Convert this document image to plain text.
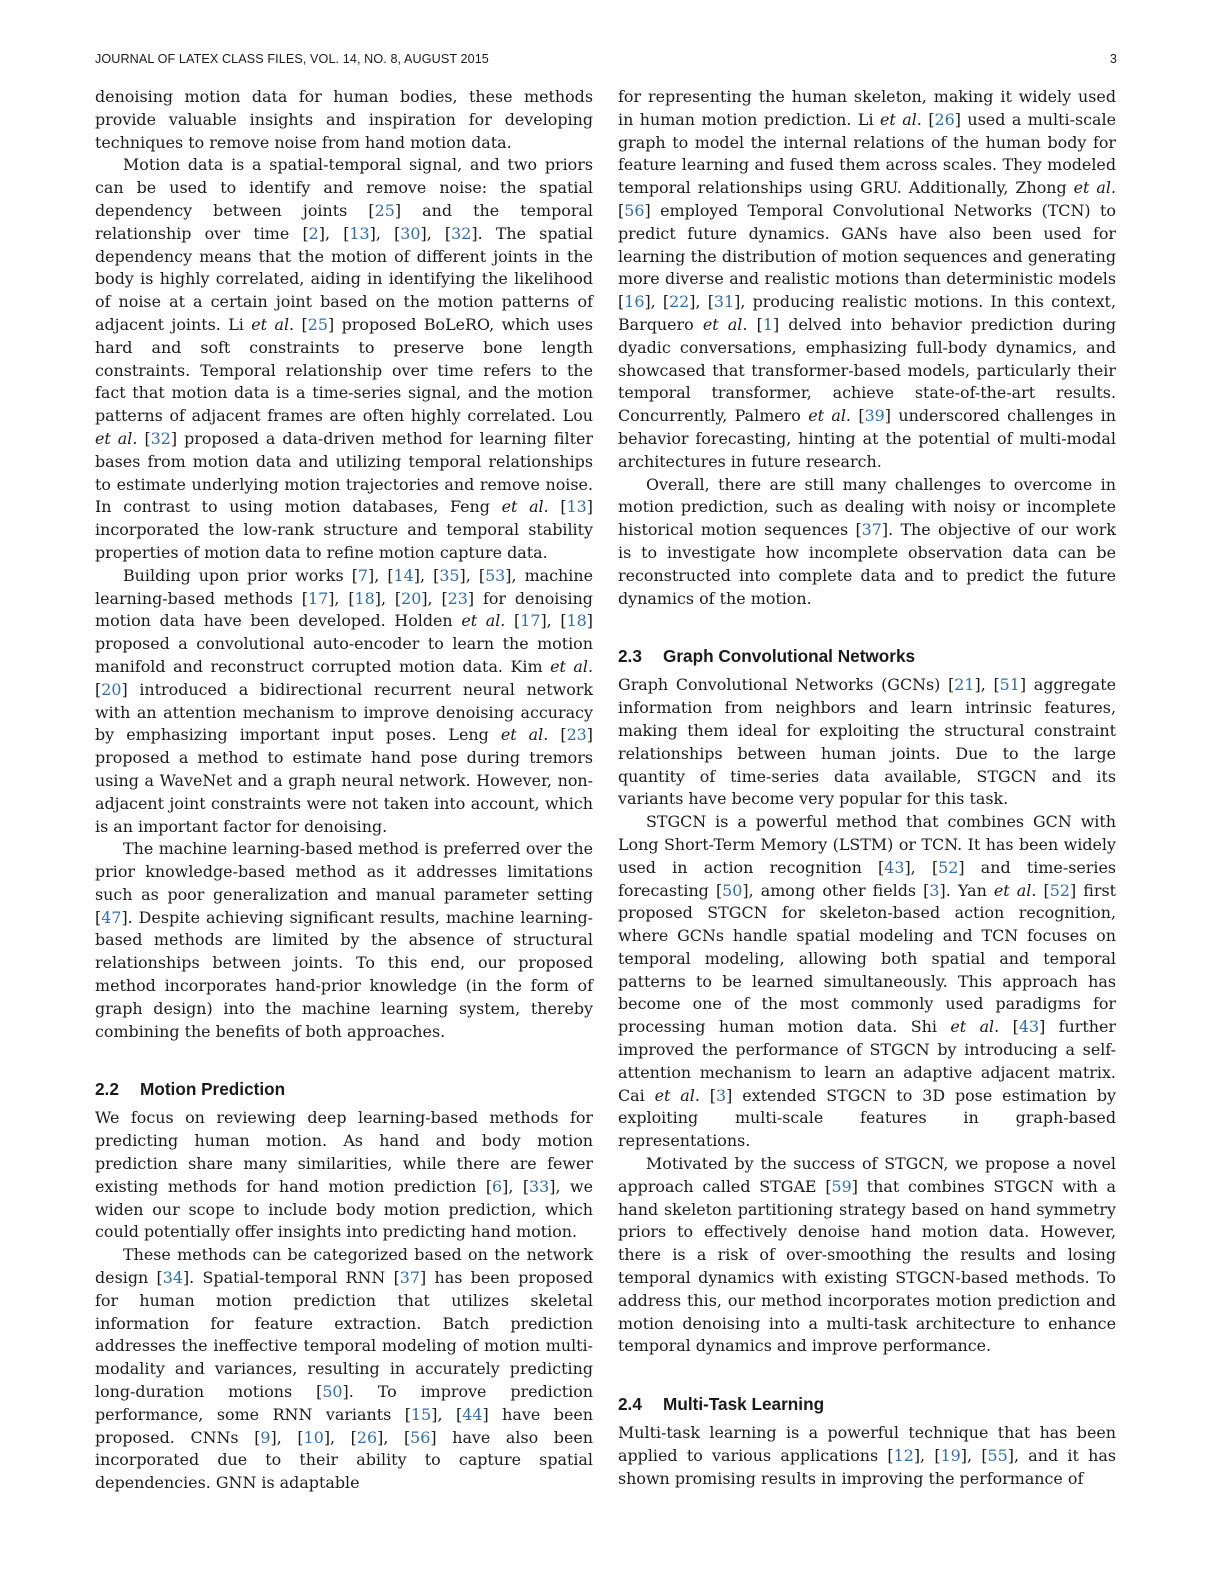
JOURNAL OF LATEX CLASS FILES, VOL. 14, NO. 8, AUGUST 2015	3

denoising motion data for human bodies, these methods provide valuable insights and inspiration for developing techniques to remove noise from hand motion data.

Motion data is a spatial-temporal signal, and two priors can be used to identify and remove noise: the spatial dependency between joints [25] and the temporal relationship over time [2], [13], [30], [32]. The spatial dependency means that the motion of different joints in the body is highly correlated, aiding in identifying the likelihood of noise at a certain joint based on the motion patterns of adjacent joints. Li et al. [25] proposed BoLeRO, which uses hard and soft constraints to preserve bone length constraints. Temporal relationship over time refers to the fact that motion data is a time-series signal, and the motion patterns of adjacent frames are often highly correlated. Lou et al. [32] proposed a data-driven method for learning filter bases from motion data and utilizing temporal relationships to estimate underlying motion trajectories and remove noise. In contrast to using motion databases, Feng et al. [13] incorporated the low-rank structure and temporal stability properties of motion data to refine motion capture data.

Building upon prior works [7], [14], [35], [53], machine learning-based methods [17], [18], [20], [23] for denoising motion data have been developed. Holden et al. [17], [18] proposed a convolutional auto-encoder to learn the motion manifold and reconstruct corrupted motion data. Kim et al. [20] introduced a bidirectional recurrent neural network with an attention mechanism to improve denoising accuracy by emphasizing important input poses. Leng et al. [23] proposed a method to estimate hand pose during tremors using a WaveNet and a graph neural network. However, non-adjacent joint constraints were not taken into account, which is an important factor for denoising.

The machine learning-based method is preferred over the prior knowledge-based method as it addresses limitations such as poor generalization and manual parameter setting [47]. Despite achieving significant results, machine learning-based methods are limited by the absence of structural relationships between joints. To this end, our proposed method incorporates hand-prior knowledge (in the form of graph design) into the machine learning system, thereby combining the benefits of both approaches.

2.2 Motion Prediction

We focus on reviewing deep learning-based methods for predicting human motion. As hand and body motion prediction share many similarities, while there are fewer existing methods for hand motion prediction [6], [33], we widen our scope to include body motion prediction, which could potentially offer insights into predicting hand motion.

These methods can be categorized based on the network design [34]. Spatial-temporal RNN [37] has been proposed for human motion prediction that utilizes skeletal information for feature extraction. Batch prediction addresses the ineffective temporal modeling of motion multi-modality and variances, resulting in accurately predicting long-duration motions [50]. To improve prediction performance, some RNN variants [15], [44] have been proposed. CNNs [9], [10], [26], [56] have also been incorporated due to their ability to capture spatial dependencies. GNN is adaptable

for representing the human skeleton, making it widely used in human motion prediction. Li et al. [26] used a multi-scale graph to model the internal relations of the human body for feature learning and fused them across scales. They modeled temporal relationships using GRU. Additionally, Zhong et al. [56] employed Temporal Convolutional Networks (TCN) to predict future dynamics. GANs have also been used for learning the distribution of motion sequences and generating more diverse and realistic motions than deterministic models [16], [22], [31], producing realistic motions. In this context, Barquero et al. [1] delved into behavior prediction during dyadic conversations, emphasizing full-body dynamics, and showcased that transformer-based models, particularly their temporal transformer, achieve state-of-the-art results. Concurrently, Palmero et al. [39] underscored challenges in behavior forecasting, hinting at the potential of multi-modal architectures in future research.

Overall, there are still many challenges to overcome in motion prediction, such as dealing with noisy or incomplete historical motion sequences [37]. The objective of our work is to investigate how incomplete observation data can be reconstructed into complete data and to predict the future dynamics of the motion.

2.3 Graph Convolutional Networks

Graph Convolutional Networks (GCNs) [21], [51] aggregate information from neighbors and learn intrinsic features, making them ideal for exploiting the structural constraint relationships between human joints. Due to the large quantity of time-series data available, STGCN and its variants have become very popular for this task.

STGCN is a powerful method that combines GCN with Long Short-Term Memory (LSTM) or TCN. It has been widely used in action recognition [43], [52] and time-series forecasting [50], among other fields [3]. Yan et al. [52] first proposed STGCN for skeleton-based action recognition, where GCNs handle spatial modeling and TCN focuses on temporal modeling, allowing both spatial and temporal patterns to be learned simultaneously. This approach has become one of the most commonly used paradigms for processing human motion data. Shi et al. [43] further improved the performance of STGCN by introducing a self-attention mechanism to learn an adaptive adjacent matrix. Cai et al. [3] extended STGCN to 3D pose estimation by exploiting multi-scale features in graph-based representations.

Motivated by the success of STGCN, we propose a novel approach called STGAE [59] that combines STGCN with a hand skeleton partitioning strategy based on hand symmetry priors to effectively denoise hand motion data. However, there is a risk of over-smoothing the results and losing temporal dynamics with existing STGCN-based methods. To address this, our method incorporates motion prediction and motion denoising into a multi-task architecture to enhance temporal dynamics and improve performance.

2.4 Multi-Task Learning

Multi-task learning is a powerful technique that has been applied to various applications [12], [19], [55], and it has shown promising results in improving the performance of
